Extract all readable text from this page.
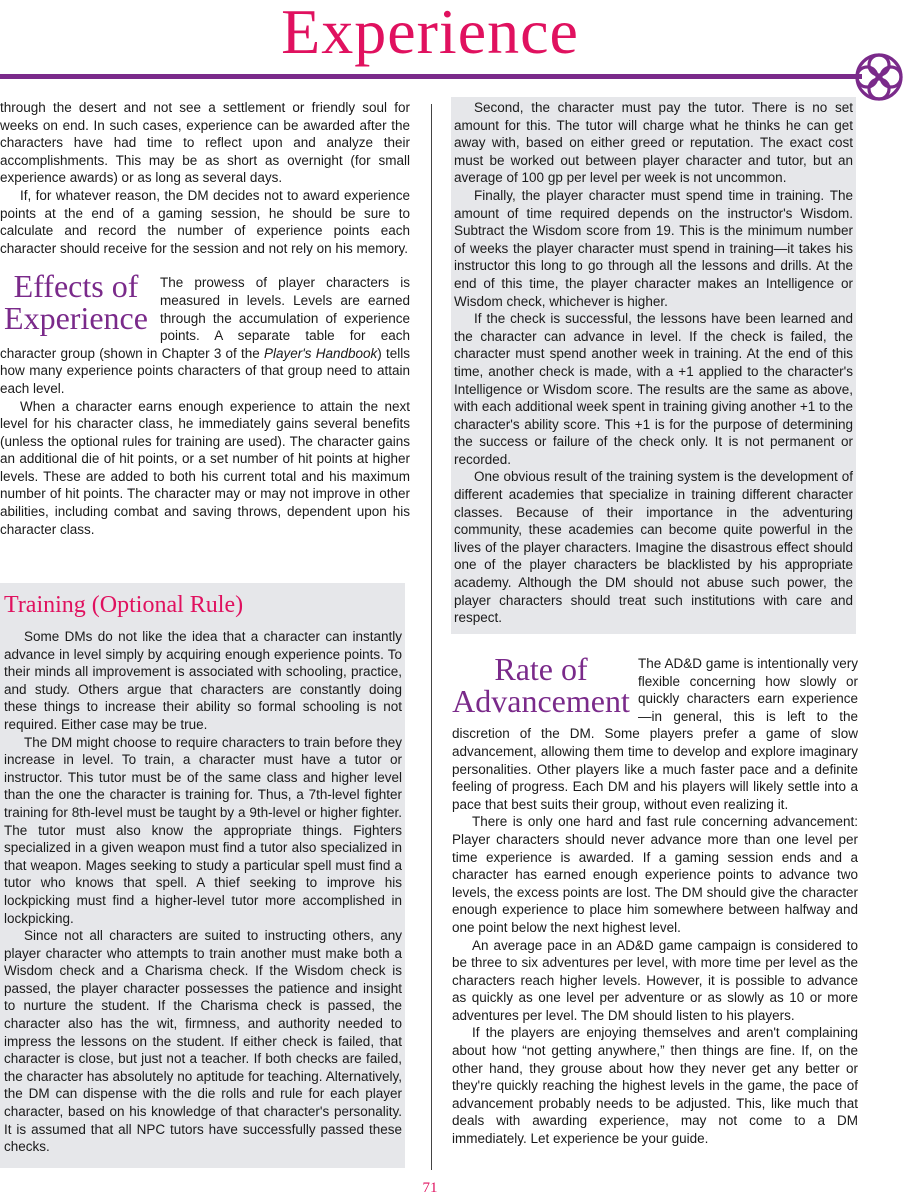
Experience

through the desert and not see a settlement or friendly soul for weeks on end. In such cases, experience can be awarded after the characters have had time to reflect upon and analyze their accomplishments. This may be as short as overnight (for small experience awards) or as long as several days.

If, for whatever reason, the DM decides not to award experience points at the end of a gaming session, he should be sure to calculate and record the number of experience points each character should receive for the session and not rely on his memory.

Effects of
Experience

The prowess of player characters is measured in levels. Levels are earned through the accumulation of experience points. A separate table for each character group (shown in Chapter 3 of the Player's Handbook) tells how many experience points characters of that group need to attain each level.

When a character earns enough experience to attain the next level for his character class, he immediately gains several benefits (unless the optional rules for training are used). The character gains an additional die of hit points, or a set number of hit points at higher levels. These are added to both his current total and his maximum number of hit points. The character may or may not improve in other abilities, including combat and saving throws, dependent upon his character class.

Training (Optional Rule)

Some DMs do not like the idea that a character can instantly advance in level simply by acquiring enough experience points. To their minds all improvement is associated with schooling, practice, and study. Others argue that characters are constantly doing these things to increase their ability so formal schooling is not required. Either case may be true.

The DM might choose to require characters to train before they increase in level. To train, a character must have a tutor or instructor. This tutor must be of the same class and higher level than the one the character is training for. Thus, a 7th-level fighter training for 8th-level must be taught by a 9th-level or higher fighter. The tutor must also know the appropriate things. Fighters specialized in a given weapon must find a tutor also specialized in that weapon. Mages seeking to study a particular spell must find a tutor who knows that spell. A thief seeking to improve his lockpicking must find a higher-level tutor more accomplished in lockpicking.

Since not all characters are suited to instructing others, any player character who attempts to train another must make both a Wisdom check and a Charisma check. If the Wisdom check is passed, the player character possesses the patience and insight to nurture the student. If the Charisma check is passed, the character also has the wit, firmness, and authority needed to impress the lessons on the student. If either check is failed, that character is close, but just not a teacher. If both checks are failed, the character has absolutely no aptitude for teaching. Alternatively, the DM can dispense with the die rolls and rule for each player character, based on his knowledge of that character's personality. It is assumed that all NPC tutors have successfully passed these checks.

Second, the character must pay the tutor. There is no set amount for this. The tutor will charge what he thinks he can get away with, based on either greed or reputation. The exact cost must be worked out between player character and tutor, but an average of 100 gp per level per week is not uncommon.

Finally, the player character must spend time in training. The amount of time required depends on the instructor's Wisdom. Subtract the Wisdom score from 19. This is the minimum number of weeks the player character must spend in training—it takes his instructor this long to go through all the lessons and drills. At the end of this time, the player character makes an Intelligence or Wisdom check, whichever is higher.

If the check is successful, the lessons have been learned and the character can advance in level. If the check is failed, the character must spend another week in training. At the end of this time, another check is made, with a +1 applied to the character's Intelligence or Wisdom score. The results are the same as above, with each additional week spent in training giving another +1 to the character's ability score. This +1 is for the purpose of determining the success or failure of the check only. It is not permanent or recorded.

One obvious result of the training system is the development of different academies that specialize in training different character classes. Because of their importance in the adventuring community, these academies can become quite powerful in the lives of the player characters. Imagine the disastrous effect should one of the player characters be blacklisted by his appropriate academy. Although the DM should not abuse such power, the player characters should treat such institutions with care and respect.

Rate of
Advancement

The AD&D game is intentionally very flexible concerning how slowly or quickly characters earn experience—in general, this is left to the discretion of the DM. Some players prefer a game of slow advancement, allowing them time to develop and explore imaginary personalities. Other players like a much faster pace and a definite feeling of progress. Each DM and his players will likely settle into a pace that best suits their group, without even realizing it.

There is only one hard and fast rule concerning advancement: Player characters should never advance more than one level per time experience is awarded. If a gaming session ends and a character has earned enough experience points to advance two levels, the excess points are lost. The DM should give the character enough experience to place him somewhere between halfway and one point below the next highest level.

An average pace in an AD&D game campaign is considered to be three to six adventures per level, with more time per level as the characters reach higher levels. However, it is possible to advance as quickly as one level per adventure or as slowly as 10 or more adventures per level. The DM should listen to his players.

If the players are enjoying themselves and aren't complaining about how “not getting anywhere,” then things are fine. If, on the other hand, they grouse about how they never get any better or they're quickly reaching the highest levels in the game, the pace of advancement probably needs to be adjusted. This, like much that deals with awarding experience, may not come to a DM immediately. Let experience be your guide.

71
